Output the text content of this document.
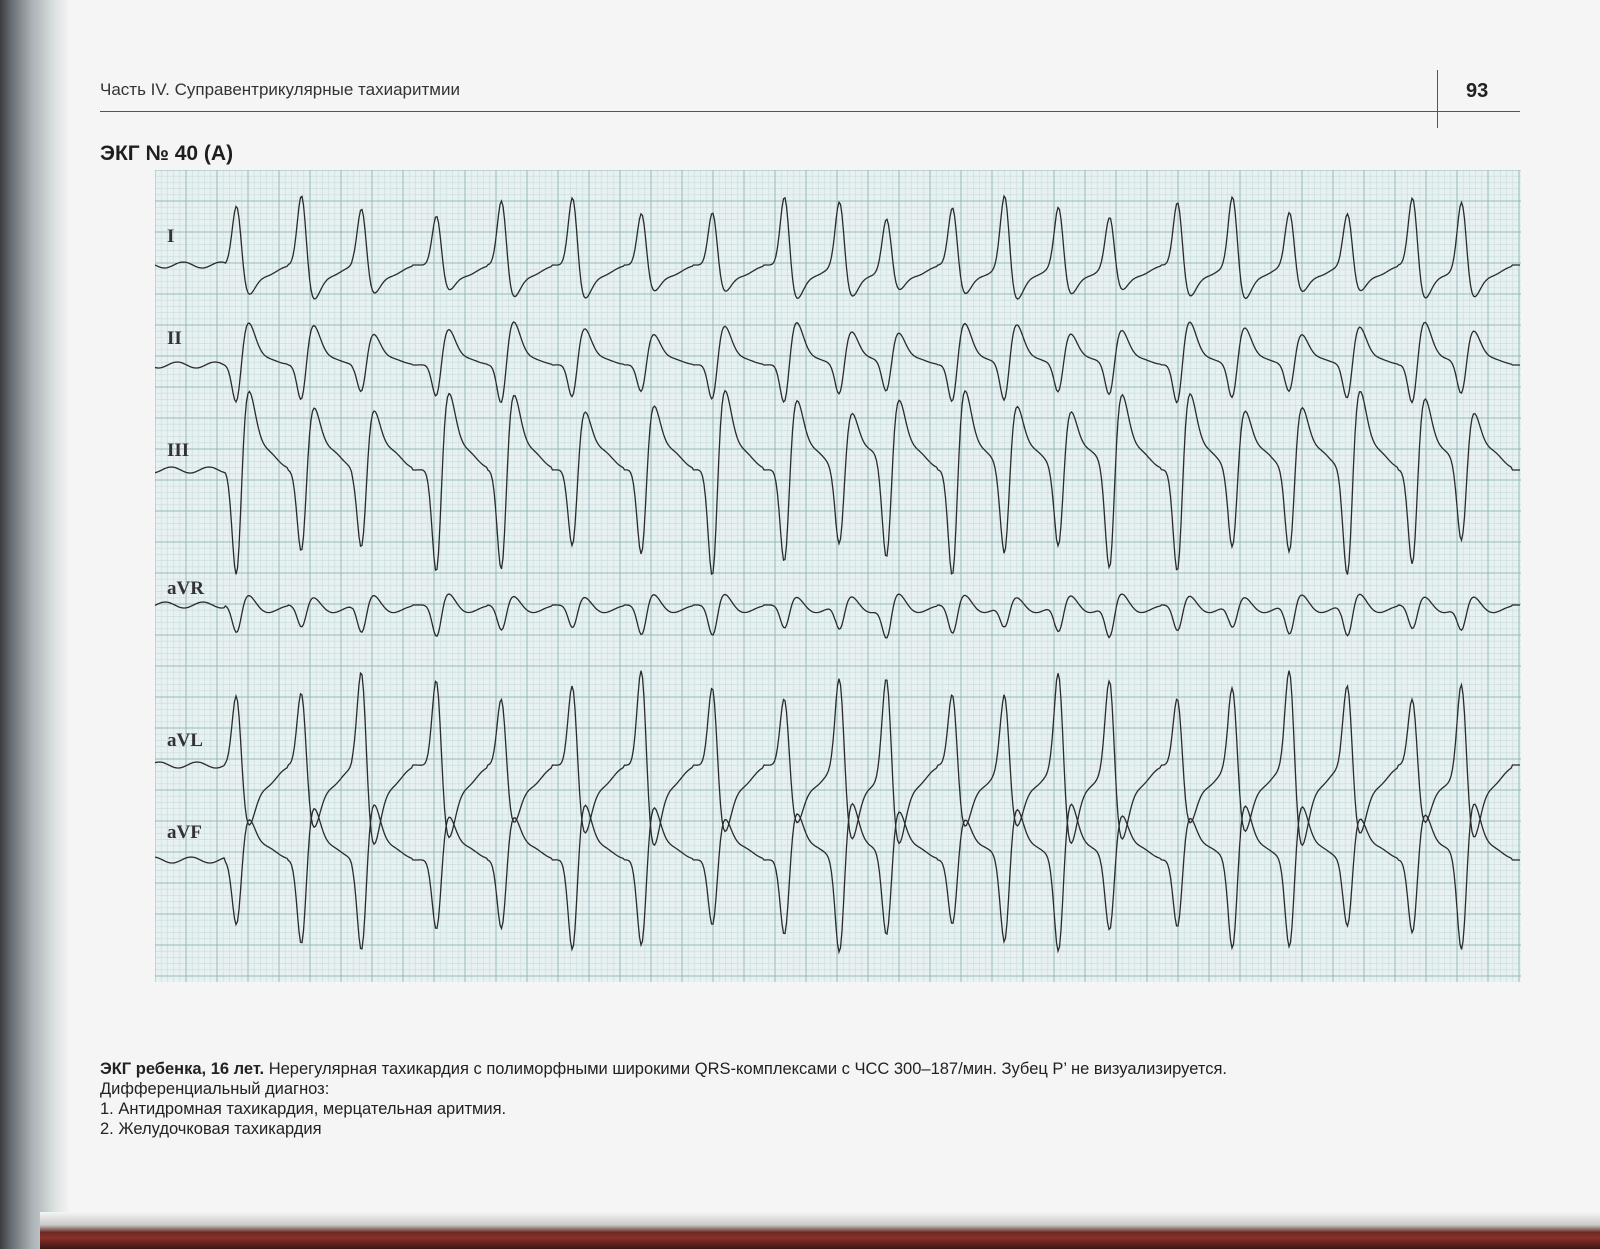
Часть IV. Суправентрикулярные тахиаритмии	93
ЭКГ № 40 (A)
I
II
III
aVR
aVL
aVF
ЭКГ ребенка, 16 лет. Нерегулярная тахикардия с полиморфными широкими QRS-комплексами с ЧСС 300–187/мин. Зубец P’ не визуализируется.
Дифференциальный диагноз:
1. Антидромная тахикардия, мерцательная аритмия.
2. Желудочковая тахикардия
